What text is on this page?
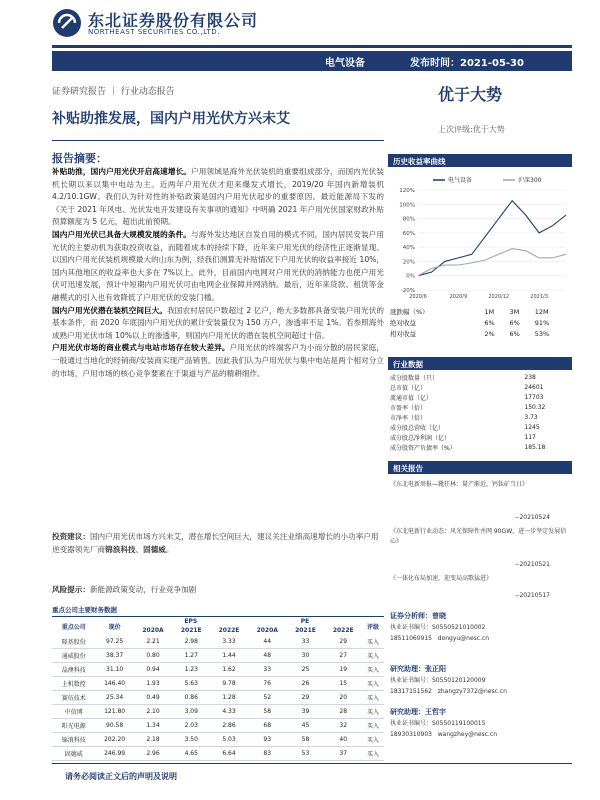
东北证券股份有限公司
NORTHEAST SECURITIES CO.,LTD.
电气设备	发布时间：2021-05-30
证券研究报告 ｜ 行业动态报告	优于大势
补贴助推发展，国内户用光伏方兴未艾
上次评级:优于大势
报告摘要：

补贴助推，国内户用光伏开启高速增长。户用领域是海外光伏装机的重要组成部分，而国内光伏装机长期以来以集中电站为主。近两年户用光伏才迎来爆发式增长，2019/20 年国内新增装机 4.2/10.1GW。我们认为针对性的补贴政策是国内户用光伏起步的重要原因。最近能源局下发的《关于 2021 年风电、光伏发电开发建设有关事项的通知》中明确 2021 年户用光伏国家财政补贴预算额度为 5 亿元，超出此前预期。

国内户用光伏已具备大规模发展的条件。与海外发达地区自发自用的模式不同，国内居民安装户用光伏的主要动机为获取投资收益，而随着成本的持续下降，近年来户用光伏的经济性正逐渐显现。以国内户用光伏装机规模最大的山东为例，经我们测算无补贴情况下户用光伏的收益率接近 10%，国内其他地区的收益率也大多在 7%以上。此外，目前国内电网对户用光伏的消纳能力也使户用光伏可迅速发展，预计中短期内户用光伏可由电网企业保障并网消纳。最后，近年来贷款、租赁等金融模式的引入也有效降低了户用光伏的安装门槛。

国内户用光伏潜在装机空间巨大。我国农村居民户数超过 2 亿户，绝大多数都具备安装户用光伏的基本条件，而 2020 年底国内户用光伏的累计安装量仅为 150 万户，渗透率不足 1%。若参照海外成熟户用光伏市场 10%以上的渗透率，则国内户用光伏的潜在装机空间超过十倍。

户用光伏市场的商业模式与电站市场存在较大差异。户用光伏的终端客户为小而分散的居民家庭，一般通过当地化的经销商/安装商实现产品销售。因此我们认为户用光伏与集中电站是两个相对分立的市场，户用市场的核心竞争要素在于渠道与产品的精耕细作。

投资建议：国内户用光伏市场方兴未艾，潜在增长空间巨大，建议关注业绩高速增长的小功率户用逆变器领先厂商锦浪科技、固德威。
风险提示：新能源政策变动，行业竞争加剧
重点公司主要财务数据
重点公司	现价	EPS			PE			评级
		2020A	2021E	2022E	2020A	2021E	2022E	
隆基股份	97.25	2.21	2.98	3.33	44	33	29	买入
通威股份	38.37	0.80	1.27	1.44	48	30	27	买入
晶澳科技	31.10	0.94	1.23	1.62	33	25	19	买入
上机数控	146.40	1.93	5.63	9.78	76	26	15	买入
赛伍技术	25.34	0.49	0.86	1.28	52	29	20	买入
中信博	121.80	2.10	3.09	4.33	58	39	28	买入
阳光电源	90.58	1.34	2.03	2.86	68	45	32	买入
锦浪科技	202.20	2.18	3.50	5.03	93	58	40	买入
固德威	246.99	2.96	4.65	6.64	83	53	37	买入
请务必阅读正文后的声明及说明
历史收益率曲线
120%
100%
80%
60%
40%
20%
0%
-20%
2020/6	2020/9	2020/12	2021/3
电气设备	沪深300
涨跌幅（%）	1M	3M	12M
绝对收益	6%	6%	91%
相对收益	2%	6%	53%
行业数据
成分股数量（只）	238
总市值（亿）	24601
流通市值（亿）	17703
市盈率（倍）	150.32
市净率（倍）	3.73
成分股总营收（亿）	1245
成分股总净利润（亿）	117
成分股资产负债率（%）	185.18
相关报告
《东北电新周报—靴狂林：量产渐近，钙钛矿当日》
--20210524
《东北电新行业动态：风光保障性并网 90GW，进一步坚定发展信心》
--20210521
《一体化布局加速，迎变局高歌猛进》
--20210517
证券分析师：曾晓
执业证书编号：S0550521010002
18511060915 dongyu@nesc.cn
研究助理：张正阳
执业证书编号：S0550120120009
18317151562 zhangzy7372@nesc.cn
研究助理：王哲宇
执业证书编号：S0550119100015
18930310903 wangzhey@nesc.cn
